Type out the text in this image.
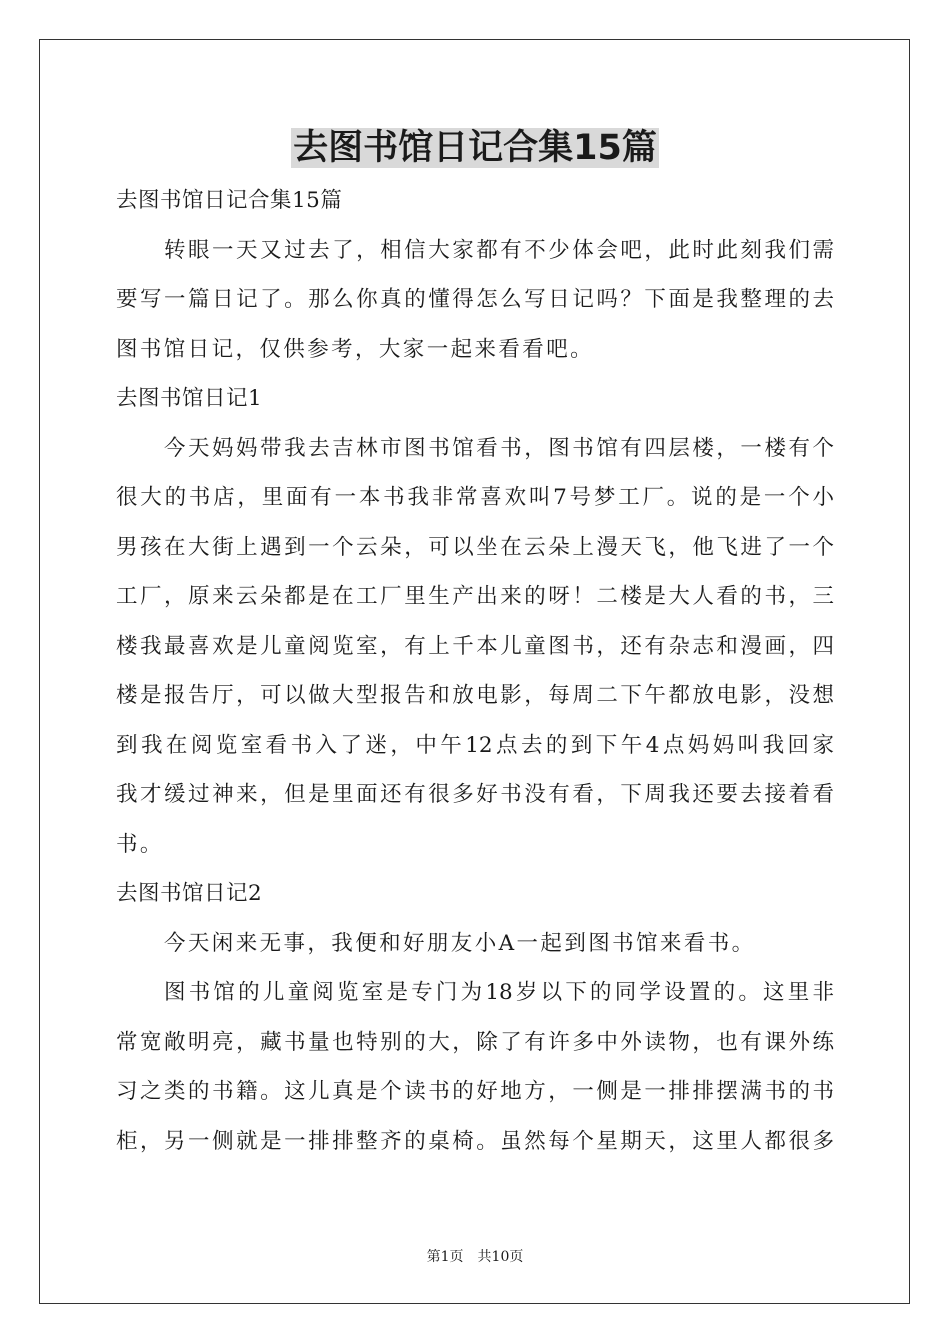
去图书馆日记合集15篇
去图书馆日记合集15篇
转眼一天又过去了，相信大家都有不少体会吧，此时此刻我们需
要写一篇日记了。那么你真的懂得怎么写日记吗？下面是我整理的去
图书馆日记，仅供参考，大家一起来看看吧。
去图书馆日记1
今天妈妈带我去吉林市图书馆看书，图书馆有四层楼，一楼有个
很大的书店，里面有一本书我非常喜欢叫7号梦工厂。说的是一个小
男孩在大街上遇到一个云朵，可以坐在云朵上漫天飞，他飞进了一个
工厂，原来云朵都是在工厂里生产出来的呀！二楼是大人看的书，三
楼我最喜欢是儿童阅览室，有上千本儿童图书，还有杂志和漫画，四
楼是报告厅，可以做大型报告和放电影，每周二下午都放电影，没想
到我在阅览室看书入了迷，中午12点去的到下午4点妈妈叫我回家
我才缓过神来，但是里面还有很多好书没有看，下周我还要去接着看
书。
去图书馆日记2
今天闲来无事，我便和好朋友小A一起到图书馆来看书。
图书馆的儿童阅览室是专门为18岁以下的同学设置的。这里非
常宽敞明亮，藏书量也特别的大，除了有许多中外读物，也有课外练
习之类的书籍。这儿真是个读书的好地方，一侧是一排排摆满书的书
柜，另一侧就是一排排整齐的桌椅。虽然每个星期天，这里人都很多
第1页 共10页
